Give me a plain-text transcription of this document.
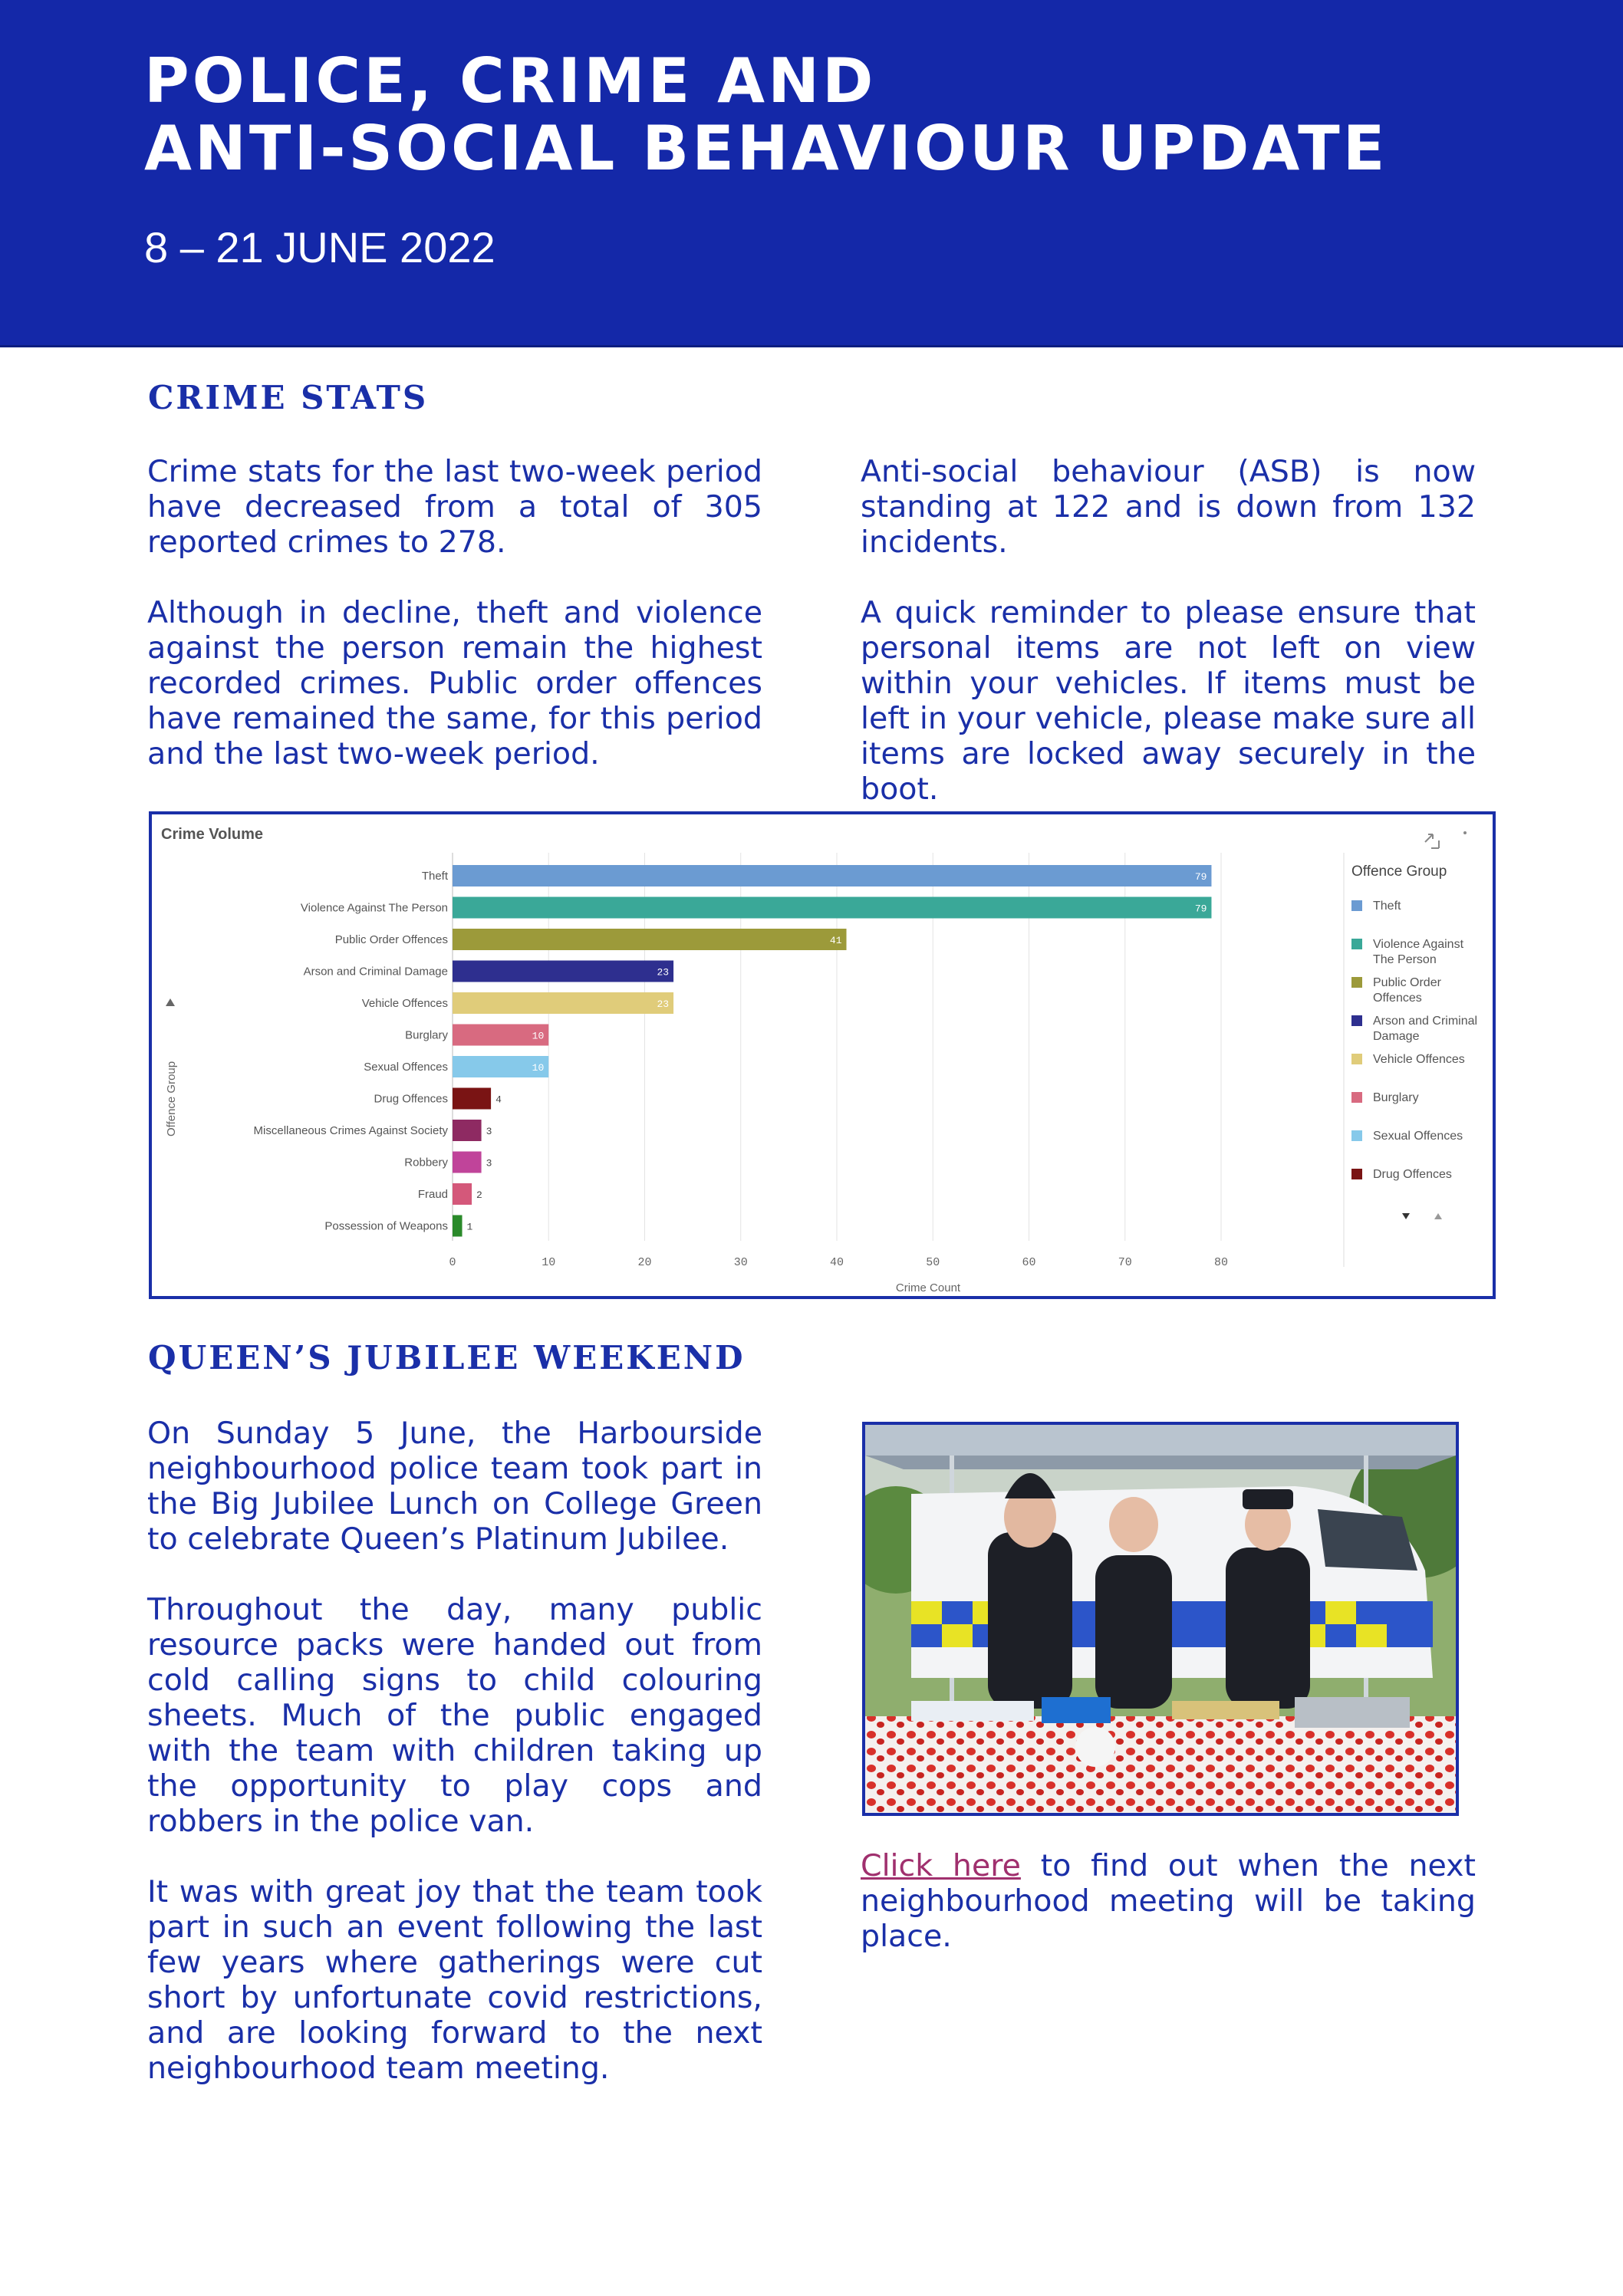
POLICE, CRIME AND
ANTI-SOCIAL BEHAVIOUR UPDATE
8 – 21 JUNE 2022
CRIME STATS

Crime stats for the last two-week period have decreased from a total of 305 reported crimes to 278.

Although in decline, theft and violence against the person remain the highest recorded crimes. Public order offences have remained the same, for this period and the last two-week period.

Anti-social behaviour (ASB) is now standing at 122 and is down from 132 incidents.

A quick reminder to please ensure that personal items are not left on view within your vehicles. If items must be left in your vehicle, please make sure all items are locked away securely in the boot.

Crime Volume
Offence Group
Theft	79
Violence Against The Person	79
Public Order Offences	41
Arson and Criminal Damage	23
Vehicle Offences	23
Burglary	10
Sexual Offences	10
Drug Offences	4
Miscellaneous Crimes Against Society	3
Robbery	3
Fraud	2
Possession of Weapons 1
0	10	20	30	40	50	60	70	80
Crime Count
Offence Group
Theft
Violence Against The Person
Public Order Offences
Arson and Criminal Damage
Vehicle Offences
Burglary
Sexual Offences
Drug Offences
QUEEN’S JUBILEE WEEKEND

On Sunday 5 June, the Harbourside neighbourhood police team took part in the Big Jubilee Lunch on College Green to celebrate Queen’s Platinum Jubilee.

Throughout the day, many public resource packs were handed out from cold calling signs to child colouring sheets. Much of the public engaged with the team with children taking up the opportunity to play cops and robbers in the police van.

It was with great joy that the team took part in such an event following the last few years where gatherings were cut short by unfortunate covid restrictions, and are looking forward to the next neighbourhood team meeting.

Click here to find out when the next neighbourhood meeting will be taking place.
